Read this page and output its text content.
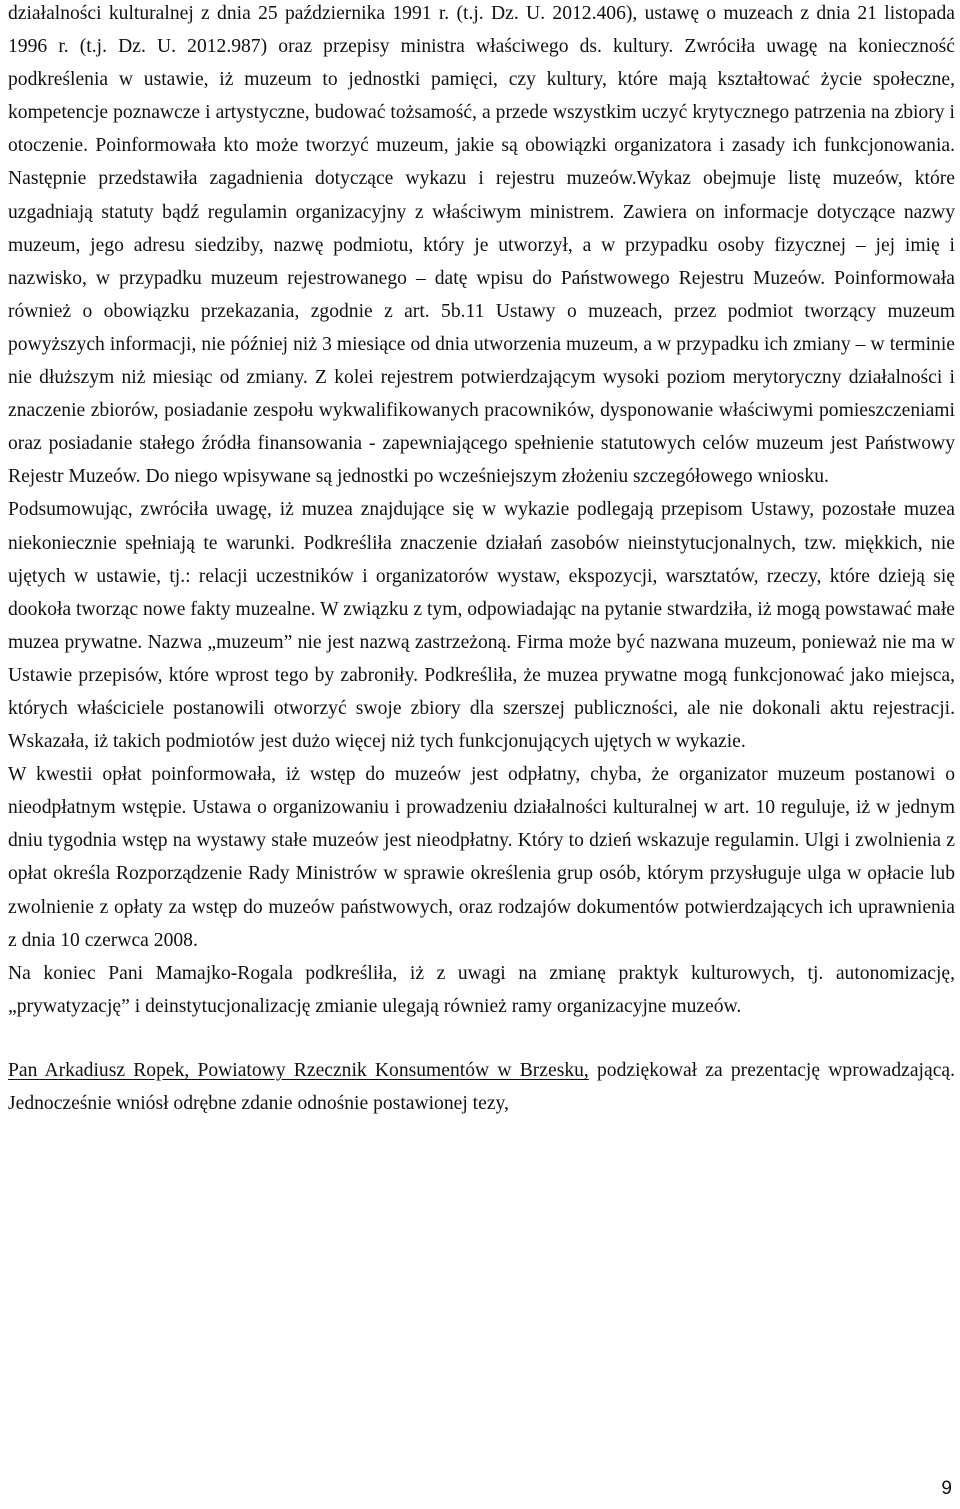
działalności kulturalnej z dnia 25 października 1991 r. (t.j. Dz. U. 2012.406), ustawę o muzeach z dnia 21 listopada 1996 r. (t.j. Dz. U. 2012.987) oraz przepisy ministra właściwego ds. kultury. Zwróciła uwagę na konieczność podkreślenia w ustawie, iż muzeum to jednostki pamięci, czy kultury, które mają kształtować życie społeczne, kompetencje poznawcze i artystyczne, budować tożsamość, a przede wszystkim uczyć krytycznego patrzenia na zbiory i otoczenie. Poinformowała kto może tworzyć muzeum, jakie są obowiązki organizatora i zasady ich funkcjonowania. Następnie przedstawiła zagadnienia dotyczące wykazu i rejestru muzeów.Wykaz obejmuje listę muzeów, które uzgadniają statuty bądź regulamin organizacyjny z właściwym ministrem. Zawiera on informacje dotyczące nazwy muzeum, jego adresu siedziby, nazwę podmiotu, który je utworzył, a w przypadku osoby fizycznej – jej imię i nazwisko, w przypadku muzeum rejestrowanego – datę wpisu do Państwowego Rejestru Muzeów. Poinformowała również o obowiązku przekazania, zgodnie z art. 5b.11 Ustawy o muzeach, przez podmiot tworzący muzeum powyższych informacji, nie później niż 3 miesiące od dnia utworzenia muzeum, a w przypadku ich zmiany – w terminie nie dłuższym niż miesiąc od zmiany. Z kolei rejestrem potwierdzającym wysoki poziom merytoryczny działalności i znaczenie zbiorów, posiadanie zespołu wykwalifikowanych pracowników, dysponowanie właściwymi pomieszczeniami oraz posiadanie stałego źródła finansowania - zapewniającego spełnienie statutowych celów muzeum jest Państwowy Rejestr Muzeów. Do niego wpisywane są jednostki po wcześniejszym złożeniu szczegółowego wniosku.

Podsumowując, zwróciła uwagę, iż muzea znajdujące się w wykazie podlegają przepisom Ustawy, pozostałe muzea niekoniecznie spełniają te warunki. Podkreśliła znaczenie działań zasobów nieinstytucjonalnych, tzw. miękkich, nie ujętych w ustawie, tj.: relacji uczestników i organizatorów wystaw, ekspozycji, warsztatów, rzeczy, które dzieją się dookoła tworząc nowe fakty muzealne. W związku z tym, odpowiadając na pytanie stwardziła, iż mogą powstawać małe muzea prywatne. Nazwa „muzeum” nie jest nazwą zastrzeżoną. Firma może być nazwana muzeum, ponieważ nie ma w Ustawie przepisów, które wprost tego by zabroniły. Podkreśliła, że muzea prywatne mogą funkcjonować jako miejsca, których właściciele postanowili otworzyć swoje zbiory dla szerszej publiczności, ale nie dokonali aktu rejestracji. Wskazała, iż takich podmiotów jest dużo więcej niż tych funkcjonujących ujętych w wykazie.

W kwestii opłat poinformowała, iż wstęp do muzeów jest odpłatny, chyba, że organizator muzeum postanowi o nieodpłatnym wstępie. Ustawa o organizowaniu i prowadzeniu działalności kulturalnej w art. 10 reguluje, iż w jednym dniu tygodnia wstęp na wystawy stałe muzeów jest nieodpłatny. Który to dzień wskazuje regulamin. Ulgi i zwolnienia z opłat określa Rozporządzenie Rady Ministrów w sprawie określenia grup osób, którym przysługuje ulga w opłacie lub zwolnienie z opłaty za wstęp do muzeów państwowych, oraz rodzajów dokumentów potwierdzających ich uprawnienia z dnia 10 czerwca 2008.

Na koniec Pani Mamajko-Rogala podkreśliła, iż z uwagi na zmianę praktyk kulturowych, tj. autonomizację, „prywatyzację” i deinstytucjonalizację zmianie ulegają również ramy organizacyjne muzeów.

Pan Arkadiusz Ropek, Powiatowy Rzecznik Konsumentów w Brzesku, podziękował za prezentację wprowadzającą. Jednocześnie wniósł odrębne zdanie odnośnie postawionej tezy,

9
